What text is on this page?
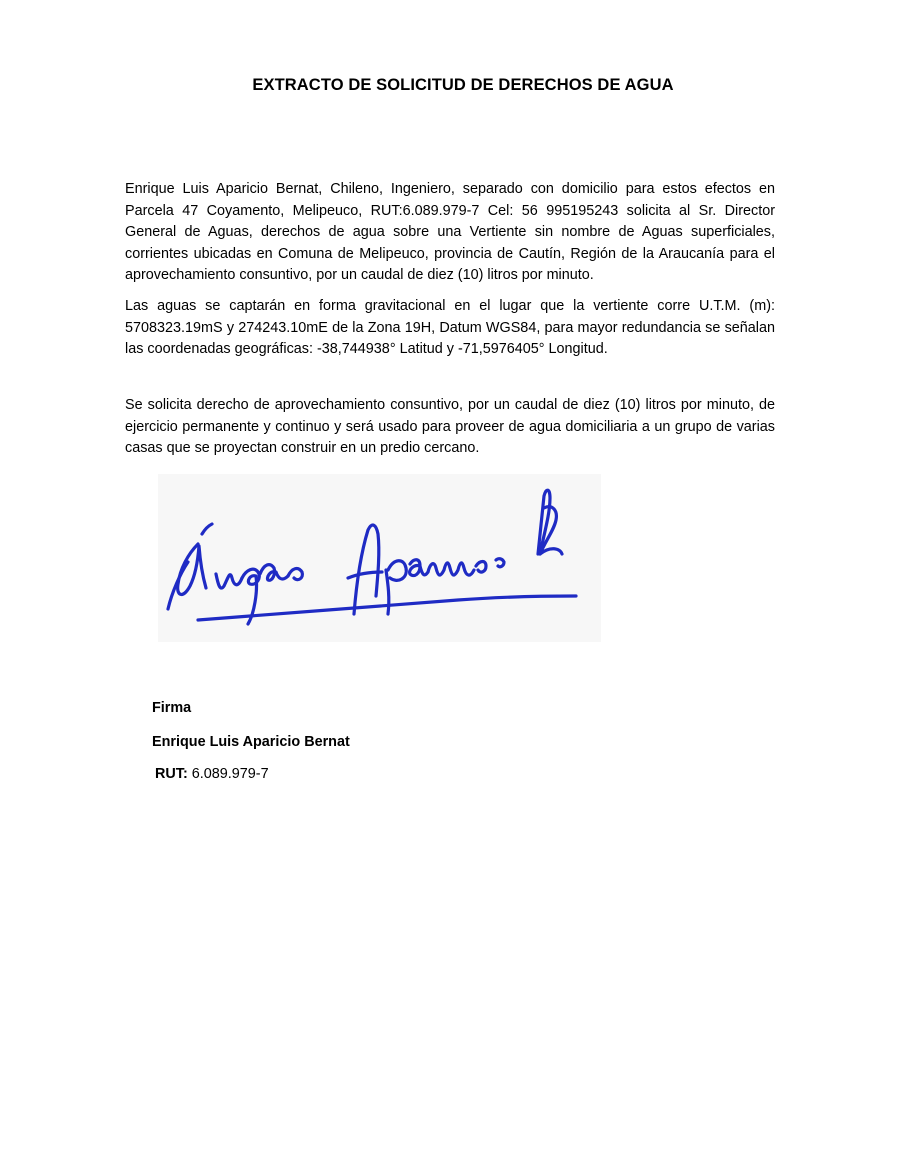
EXTRACTO DE SOLICITUD DE DERECHOS DE AGUA
Enrique Luis Aparicio Bernat, Chileno, Ingeniero, separado con domicilio para estos efectos en Parcela 47 Coyamento, Melipeuco, RUT:6.089.979-7 Cel: 56 995195243 solicita al Sr. Director General de Aguas, derechos de agua sobre una Vertiente sin nombre de Aguas superficiales, corrientes ubicadas en Comuna de Melipeuco, provincia de Cautín, Región de la Araucanía para el aprovechamiento consuntivo, por un caudal de diez (10) litros por minuto.
Las aguas se captarán en forma gravitacional en el lugar que la vertiente corre U.T.M. (m): 5708323.19mS y 274243.10mE de la Zona 19H, Datum WGS84, para mayor redundancia se señalan las coordenadas geográficas: -38,744938° Latitud y -71,5976405° Longitud.
Se solicita derecho de aprovechamiento consuntivo, por un caudal de diez (10) litros por minuto, de ejercicio permanente y continuo y será usado para proveer de agua domiciliaria a un grupo de varias casas que se proyectan construir en un predio cercano.
Firma
Enrique Luis Aparicio Bernat
RUT: 6.089.979-7
